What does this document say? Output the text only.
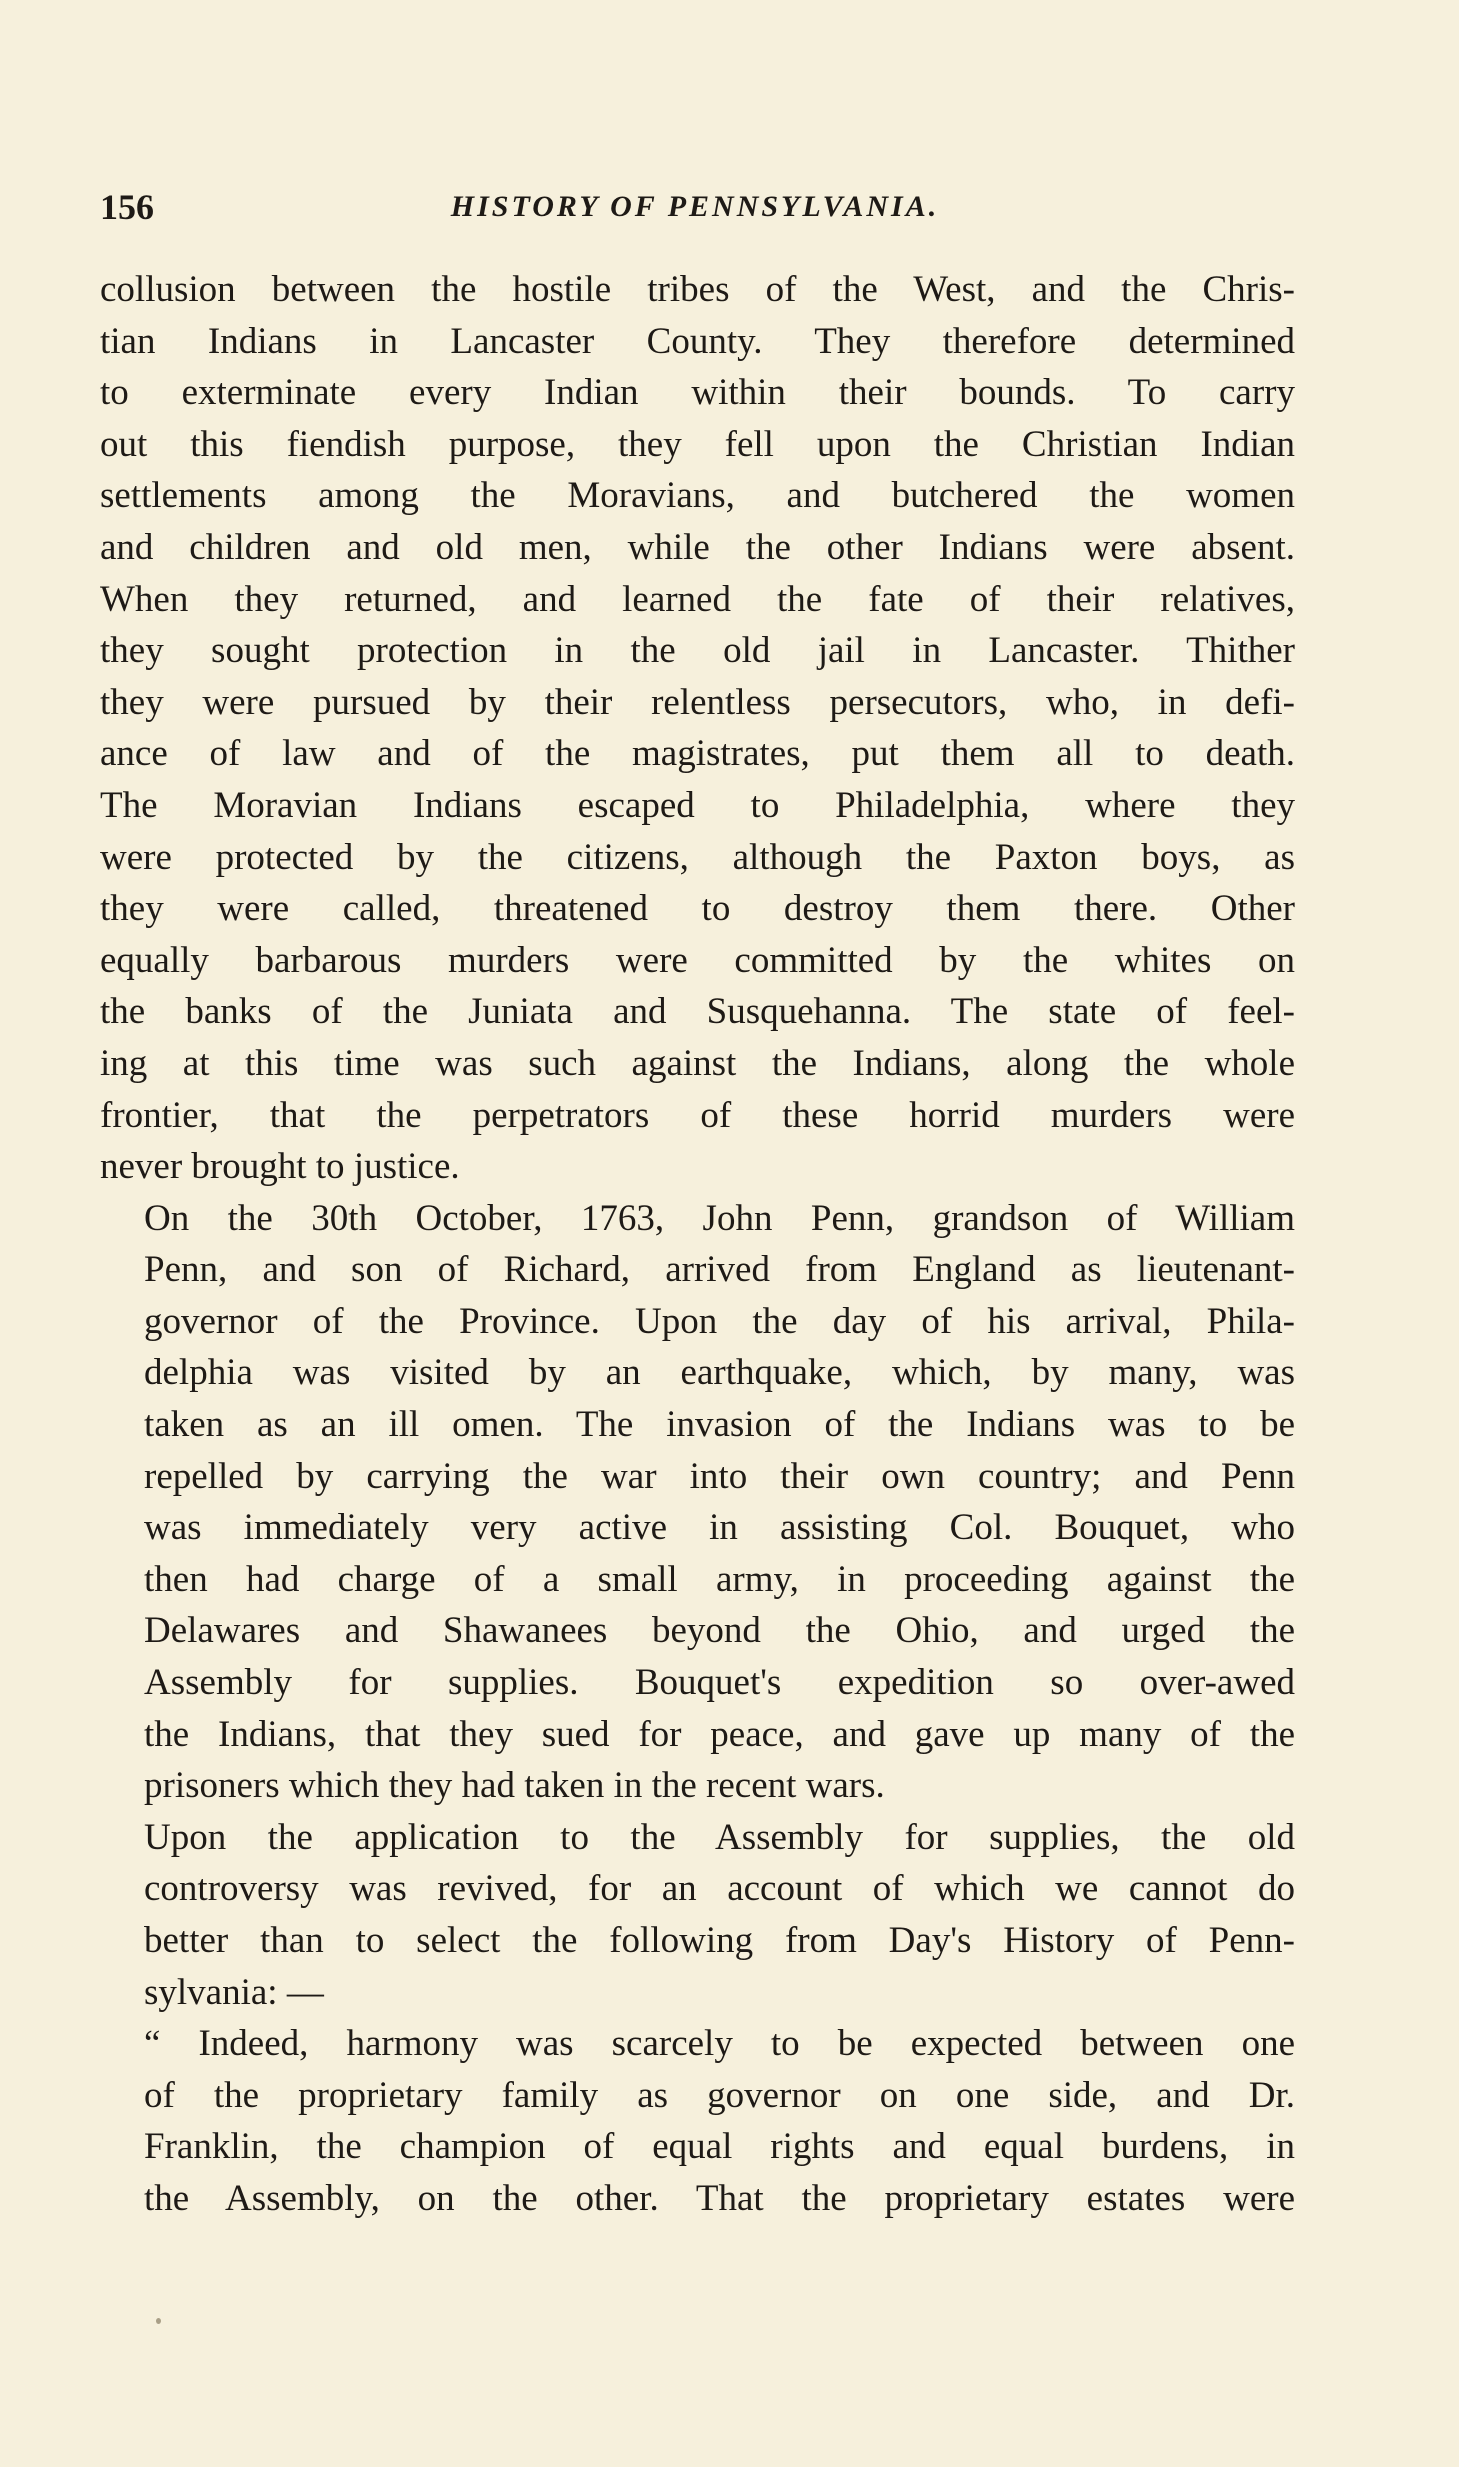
156	HISTORY OF PENNSYLVANIA.

collusion between the hostile tribes of the West, and the Chris-
tian Indians in Lancaster County. They therefore determined
to exterminate every Indian within their bounds. To carry
out this fiendish purpose, they fell upon the Christian Indian
settlements among the Moravians, and butchered the women
and children and old men, while the other Indians were absent.
When they returned, and learned the fate of their relatives,
they sought protection in the old jail in Lancaster. Thither
they were pursued by their relentless persecutors, who, in defi-
ance of law and of the magistrates, put them all to death.
The Moravian Indians escaped to Philadelphia, where they
were protected by the citizens, although the Paxton boys, as
they were called, threatened to destroy them there. Other
equally barbarous murders were committed by the whites on
the banks of the Juniata and Susquehanna. The state of feel-
ing at this time was such against the Indians, along the whole
frontier, that the perpetrators of these horrid murders were
never brought to justice.

On the 30th October, 1763, John Penn, grandson of William
Penn, and son of Richard, arrived from England as lieutenant-
governor of the Province. Upon the day of his arrival, Phila-
delphia was visited by an earthquake, which, by many, was
taken as an ill omen. The invasion of the Indians was to be
repelled by carrying the war into their own country; and Penn
was immediately very active in assisting Col. Bouquet, who
then had charge of a small army, in proceeding against the
Delawares and Shawanees beyond the Ohio, and urged the
Assembly for supplies. Bouquet's expedition so over-awed
the Indians, that they sued for peace, and gave up many of the
prisoners which they had taken in the recent wars.

Upon the application to the Assembly for supplies, the old
controversy was revived, for an account of which we cannot do
better than to select the following from Day's History of Penn-
sylvania: —

“ Indeed, harmony was scarcely to be expected between one
of the proprietary family as governor on one side, and Dr.
Franklin, the champion of equal rights and equal burdens, in
the Assembly, on the other. That the proprietary estates were
